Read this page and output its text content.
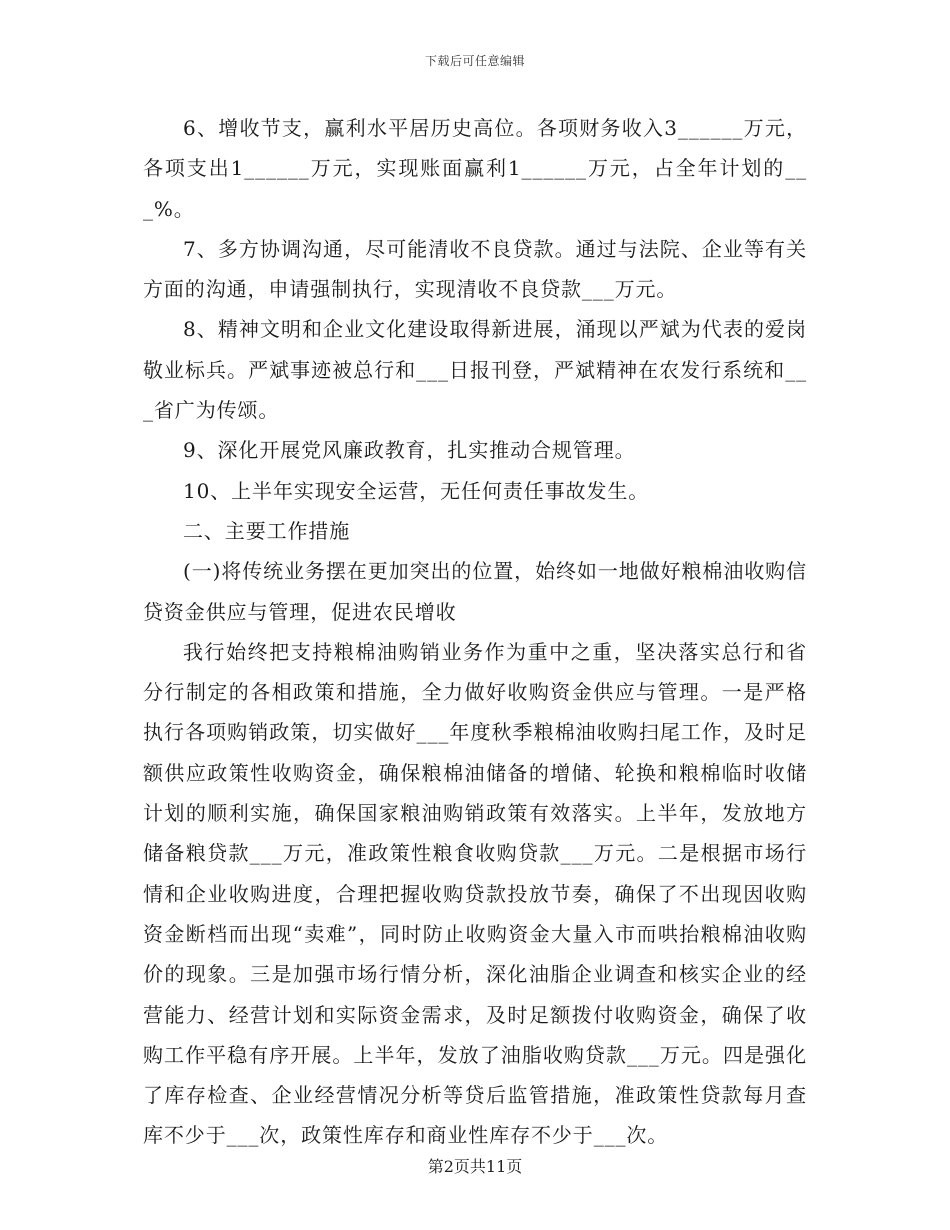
下载后可任意编辑

6、增收节支，赢利水平居历史高位。各项财务收入3______万元，各项支出1______万元，实现账面赢利1______万元，占全年计划的___%。

7、多方协调沟通，尽可能清收不良贷款。通过与法院、企业等有关方面的沟通，申请强制执行，实现清收不良贷款___万元。

8、精神文明和企业文化建设取得新进展，涌现以严斌为代表的爱岗敬业标兵。严斌事迹被总行和___日报刊登，严斌精神在农发行系统和___省广为传颂。

9、深化开展党风廉政教育，扎实推动合规管理。

10、上半年实现安全运营，无任何责任事故发生。

二、主要工作措施

(一)将传统业务摆在更加突出的位置，始终如一地做好粮棉油收购信贷资金供应与管理，促进农民增收

我行始终把支持粮棉油购销业务作为重中之重，坚决落实总行和省分行制定的各相政策和措施，全力做好收购资金供应与管理。一是严格执行各项购销政策，切实做好___年度秋季粮棉油收购扫尾工作，及时足额供应政策性收购资金，确保粮棉油储备的增储、轮换和粮棉临时收储计划的顺利实施，确保国家粮油购销政策有效落实。上半年，发放地方储备粮贷款___万元，准政策性粮食收购贷款___万元。二是根据市场行情和企业收购进度，合理把握收购贷款投放节奏，确保了不出现因收购资金断档而出现“卖难”，同时防止收购资金大量入市而哄抬粮棉油收购价的现象。三是加强市场行情分析，深化油脂企业调查和核实企业的经营能力、经营计划和实际资金需求，及时足额拨付收购资金，确保了收购工作平稳有序开展。上半年，发放了油脂收购贷款___万元。四是强化了库存检查、企业经营情况分析等贷后监管措施，准政策性贷款每月查库不少于___次，政策性库存和商业性库存不少于___次。

第2页共11页
